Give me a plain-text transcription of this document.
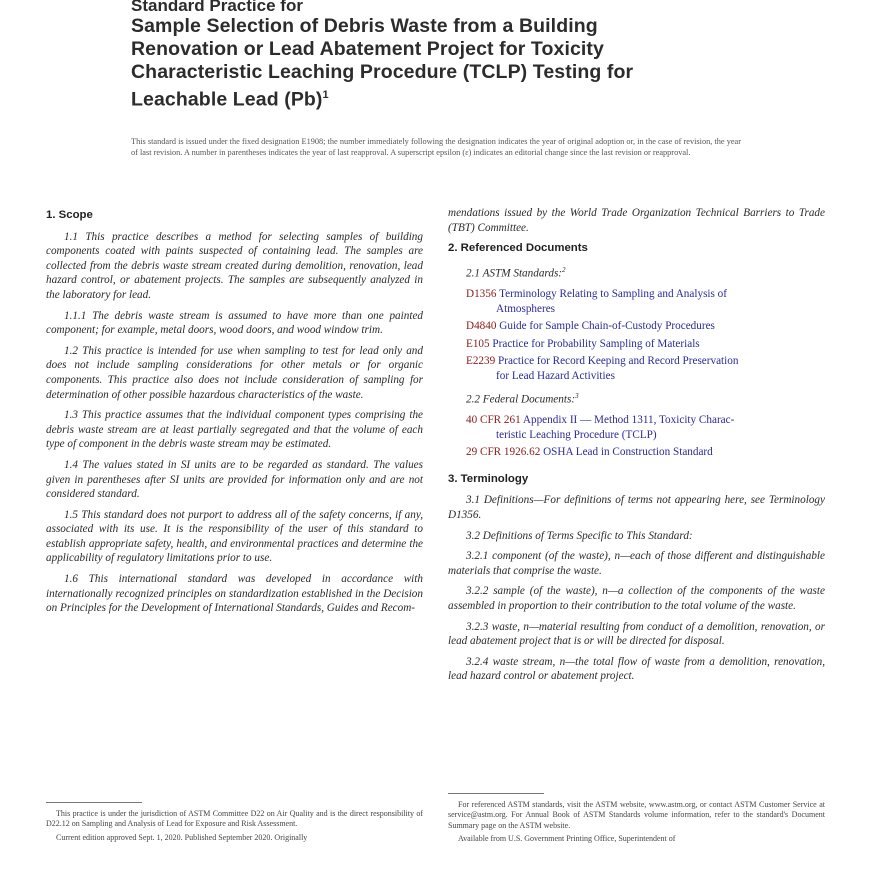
Standard Practice for
Sample Selection of Debris Waste from a Building
Renovation or Lead Abatement Project for Toxicity
Characteristic Leaching Procedure (TCLP) Testing for
Leachable Lead $(Pb)^1$
This standard is issued under the fixed designation E1908; the number immediately following the designation indicates the year of original adoption or, in the case of revision, the year of last revision. A number in parentheses indicates the year of last reapproval. A superscript epsilon (ε) indicates an editorial change since the last revision or reapproval.
1. Scope

1.1 This practice describes a method for selecting samples of building components coated with paints suspected of containing lead. The samples are collected from the debris waste stream created during demolition, renovation, lead hazard control, or abatement projects. The samples are subsequently analyzed in the laboratory for lead.

1.1.1 The debris waste stream is assumed to have more than one painted component; for example, metal doors, wood doors, and wood window trim.

1.2 This practice is intended for use when sampling to test for lead only and does not include sampling considerations for other metals or for organic components. This practice also does not include consideration of sampling for determination of other possible hazardous characteristics of the waste.

1.3 This practice assumes that the individual component types comprising the debris waste stream are at least partially segregated and that the volume of each type of component in the debris waste stream may be estimated.

1.4 The values stated in SI units are to be regarded as standard. The values given in parentheses after SI units are provided for information only and are not considered standard.

1.5 This standard does not purport to address all of the safety concerns, if any, associated with its use. It is the responsibility of the user of this standard to establish appropriate safety, health, and environmental practices and determine the applicability of regulatory limitations prior to use.

1.6 This international standard was developed in accordance with internationally recognized principles on standardization established in the Decision on Principles for the Development of International Standards, Guides and Recom-

mendations issued by the World Trade Organization Technical Barriers to Trade (TBT) Committee.

2. Referenced Documents

2.1 ASTM Standards:$^2$

D1356 Terminology Relating to Sampling and Analysis of
Atmospheres
D4840 Guide for Sample Chain-of-Custody Procedures
E105 Practice for Probability Sampling of Materials
E2239 Practice for Record Keeping and Record Preservation
for Lead Hazard Activities

2.2 Federal Documents:$^3$

40 CFR 261 Appendix II — Method 1311, Toxicity Charac-
teristic Leaching Procedure (TCLP)
29 CFR 1926.62 OSHA Lead in Construction Standard
3. Terminology

3.1 Definitions—For definitions of terms not appearing here, see Terminology D1356.

3.2 Definitions of Terms Specific to This Standard:

3.2.1 component (of the waste), n—each of those different and distinguishable materials that comprise the waste.

3.2.2 sample (of the waste), n—a collection of the components of the waste assembled in proportion to their contribution to the total volume of the waste.

3.2.3 waste, n—material resulting from conduct of a demolition, renovation, or lead abatement project that is or will be directed for disposal.

3.2.4 waste stream, n—the total flow of waste from a demolition, renovation, lead hazard control or abatement project.

This practice is under the jurisdiction of ASTM Committee D22 on Air Quality and is the direct responsibility of D22.12 on Sampling and Analysis of Lead for Exposure and Risk Assessment.

Current edition approved Sept. 1, 2020. Published September 2020. Originally

For referenced ASTM standards, visit the ASTM website, www.astm.org, or contact ASTM Customer Service at service@astm.org. For Annual Book of ASTM Standards volume information, refer to the standard's Document Summary page on the ASTM website.

Available from U.S. Government Printing Office, Superintendent of
